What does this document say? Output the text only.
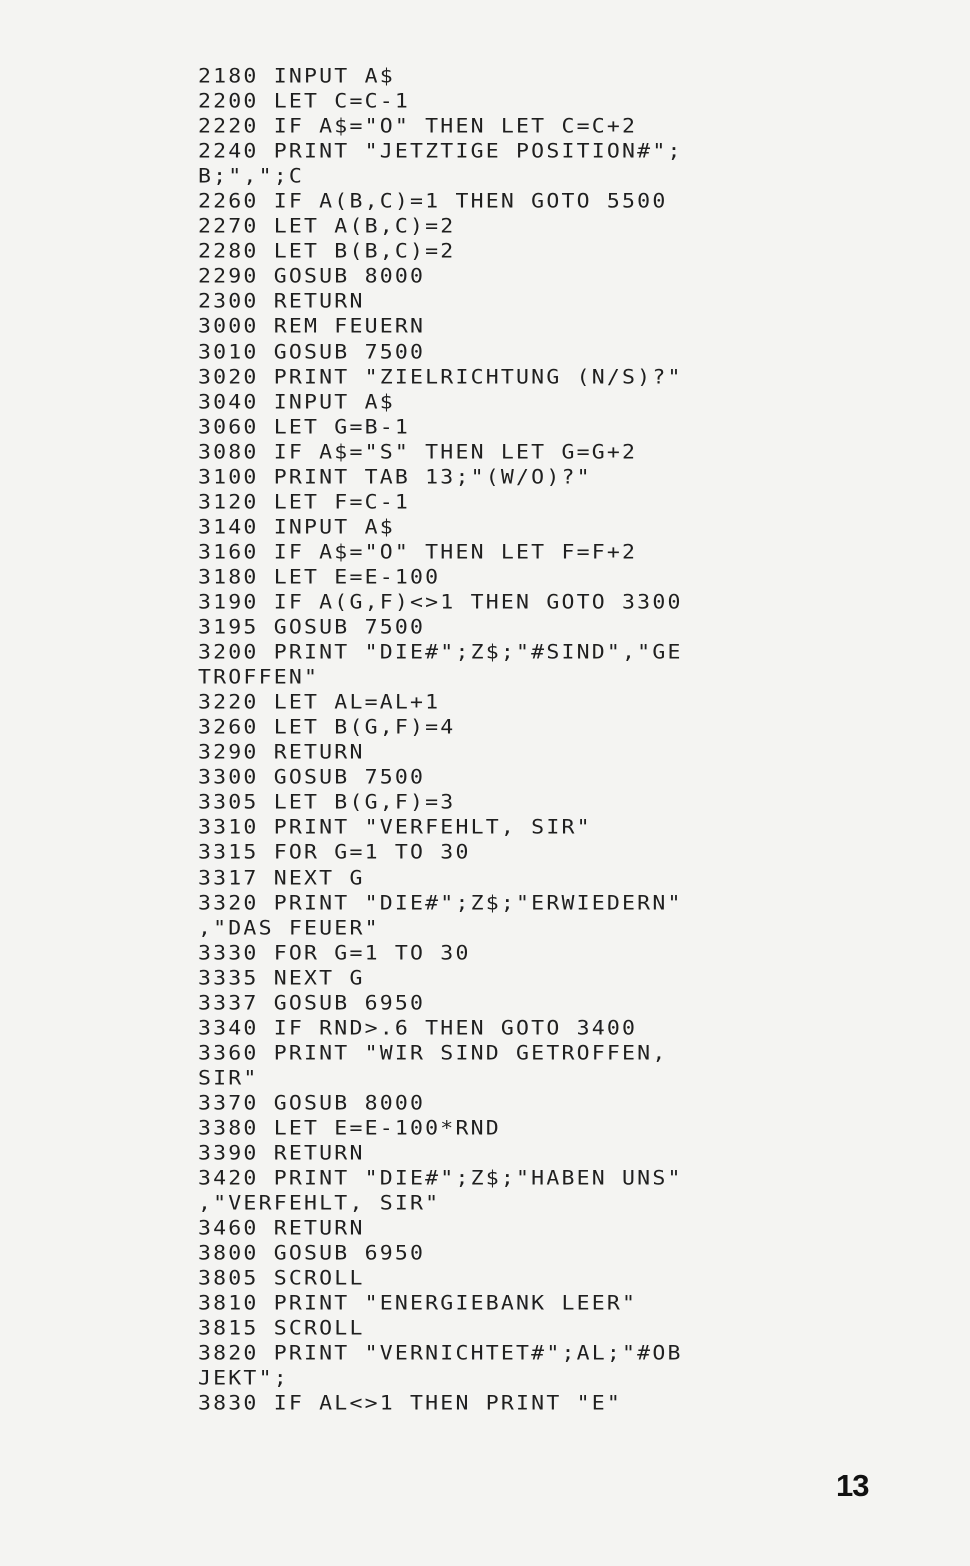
2180 INPUT A$
2200 LET C=C-1
2220 IF A$="O" THEN LET C=C+2
2240 PRINT "JETZTIGE POSITION#";
B;",";C
2260 IF A(B,C)=1 THEN GOTO 5500
2270 LET A(B,C)=2
2280 LET B(B,C)=2
2290 GOSUB 8000
2300 RETURN
3000 REM FEUERN
3010 GOSUB 7500
3020 PRINT "ZIELRICHTUNG (N/S)?"
3040 INPUT A$
3060 LET G=B-1
3080 IF A$="S" THEN LET G=G+2
3100 PRINT TAB 13;"(W/O)?"
3120 LET F=C-1
3140 INPUT A$
3160 IF A$="O" THEN LET F=F+2
3180 LET E=E-100
3190 IF A(G,F)<>1 THEN GOTO 3300
3195 GOSUB 7500
3200 PRINT "DIE#";Z$;"#SIND","GE
TROFFEN"
3220 LET AL=AL+1
3260 LET B(G,F)=4
3290 RETURN
3300 GOSUB 7500
3305 LET B(G,F)=3
3310 PRINT "VERFEHLT, SIR"
3315 FOR G=1 TO 30
3317 NEXT G
3320 PRINT "DIE#";Z$;"ERWIEDERN"
,"DAS FEUER"
3330 FOR G=1 TO 30
3335 NEXT G
3337 GOSUB 6950
3340 IF RND>.6 THEN GOTO 3400
3360 PRINT "WIR SIND GETROFFEN,
SIR"
3370 GOSUB 8000
3380 LET E=E-100*RND
3390 RETURN
3420 PRINT "DIE#";Z$;"HABEN UNS"
,"VERFEHLT, SIR"
3460 RETURN
3800 GOSUB 6950
3805 SCROLL
3810 PRINT "ENERGIEBANK LEER"
3815 SCROLL
3820 PRINT "VERNICHTET#";AL;"#OB
JEKT";
3830 IF AL<>1 THEN PRINT "E"
13
